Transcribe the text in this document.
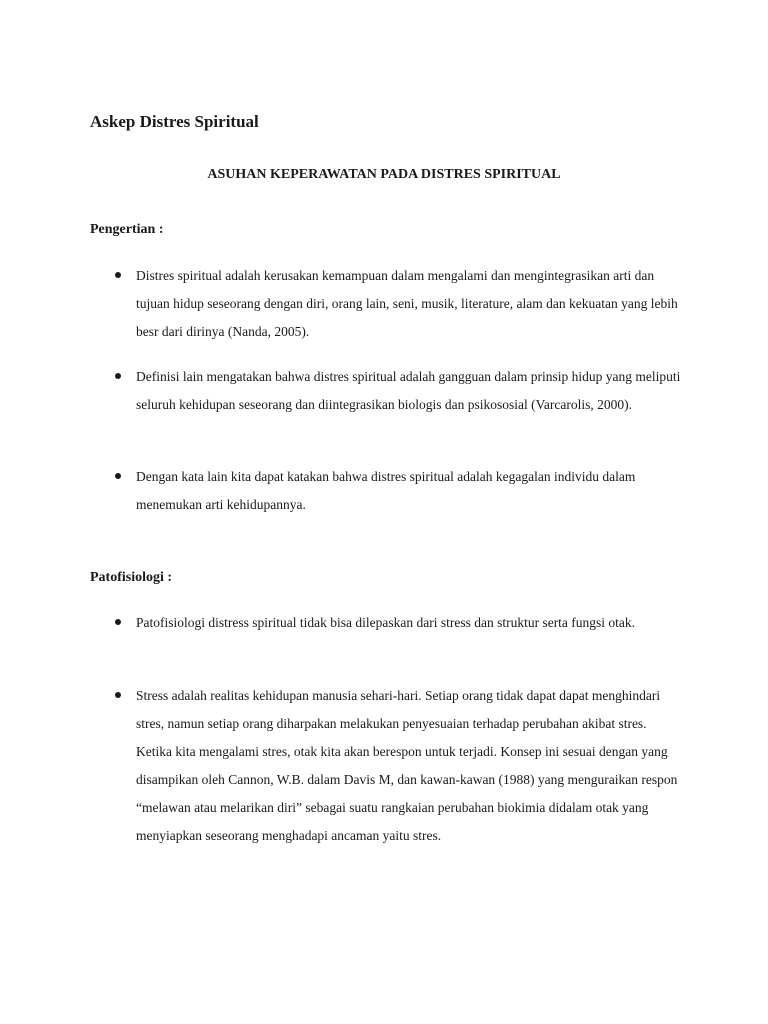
Askep Distres Spiritual
ASUHAN KEPERAWATAN PADA DISTRES SPIRITUAL
Pengertian :

Distres spiritual adalah kerusakan kemampuan dalam mengalami dan mengintegrasikan arti dan tujuan hidup seseorang dengan diri, orang lain, seni, musik, literature, alam dan kekuatan yang lebih besr dari dirinya (Nanda, 2005).

Definisi lain mengatakan bahwa distres spiritual adalah gangguan dalam prinsip hidup yang meliputi seluruh kehidupan seseorang dan diintegrasikan biologis dan psikososial (Varcarolis, 2000).

Dengan kata lain kita dapat katakan bahwa distres spiritual adalah kegagalan individu dalam menemukan arti kehidupannya.

Patofisiologi :

Patofisiologi distress spiritual tidak bisa dilepaskan dari stress dan struktur serta fungsi otak.

Stress adalah realitas kehidupan manusia sehari-hari. Setiap orang tidak dapat dapat menghindari stres, namun setiap orang diharpakan melakukan penyesuaian terhadap perubahan akibat stres. Ketika kita mengalami stres, otak kita akan berespon untuk terjadi. Konsep ini sesuai dengan yang disampikan oleh Cannon, W.B. dalam Davis M, dan kawan-kawan (1988) yang menguraikan respon “melawan atau melarikan diri” sebagai suatu rangkaian perubahan biokimia didalam otak yang menyiapkan seseorang menghadapi ancaman yaitu stres.
